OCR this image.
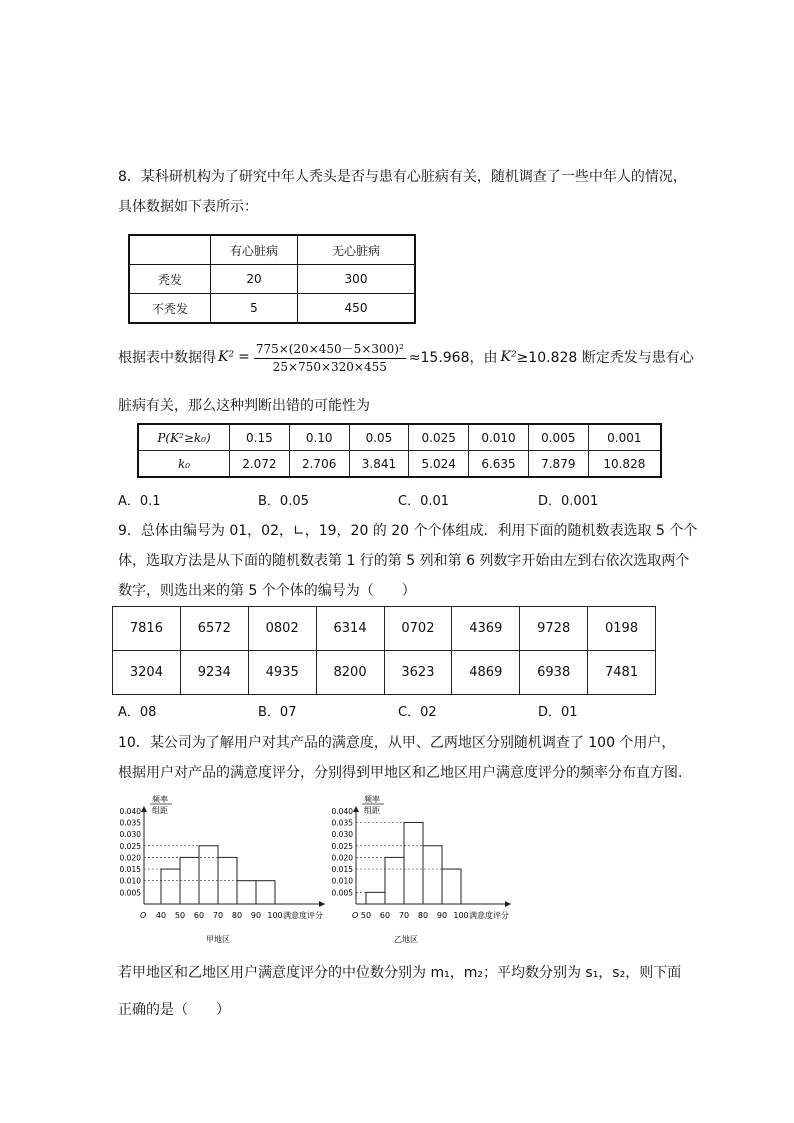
8．某科研机构为了研究中年人秃头是否与患有心脏病有关，随机调查了一些中年人的情况，
具体数据如下表所示：
	有心脏病	无心脏病
秃发	20	300
不秃发	5	450
根据表中数据得 $K^2 = \frac{\text{775×(20×450－5×300)²}}{25\times 750\times 320\times 455} \approx 15.968$，由 K² ≥10.828 断定秃发与患有心
脏病有关，那么这种判断出错的可能性为
P(K²≥k₀)	0.15	0.10	0.05	0.025	0.010	0.005	0.001
k₀	2.072	2.706	3.841	5.024	6.635	7.879	10.828
A．0.1	B．0.05	C．0.01	D．0.001
9．总体由编号为 01，02，∟，19，20 的 20 个个体组成．利用下面的随机数表选取 5 个个
体，选取方法是从下面的随机数表第 1 行的第 5 列和第 6 列数字开始由左到右依次选取两个
数字，则选出来的第 5 个个体的编号为（　　）
7816	6572	0802	6314	0702	4369	9728	0198
3204	9234	4935	8200	3623	4869	6938	7481
A．08	B．07	C．02	D．01
10．某公司为了解用户对其产品的满意度，从甲、乙两地区分别随机调查了 100 个用户，
根据用户对产品的满意度评分，分别得到甲地区和乙地区用户满意度评分的频率分布直方图.
频率
组距
0.005
0.010
0.015
0.020
0.025
0.030
0.035
0.040
O 40 50 60 70 80 90 100 满意度评分
甲地区
频率
组距
0.005
0.010
0.015
0.020
0.025
0.030
0.035
0.040
O 50 60 70 80 90 100 满意度评分
乙地区
若甲地区和乙地区用户满意度评分的中位数分别为 m₁，m₂；平均数分别为 s₁，s₂，则下面
正确的是（　　）
